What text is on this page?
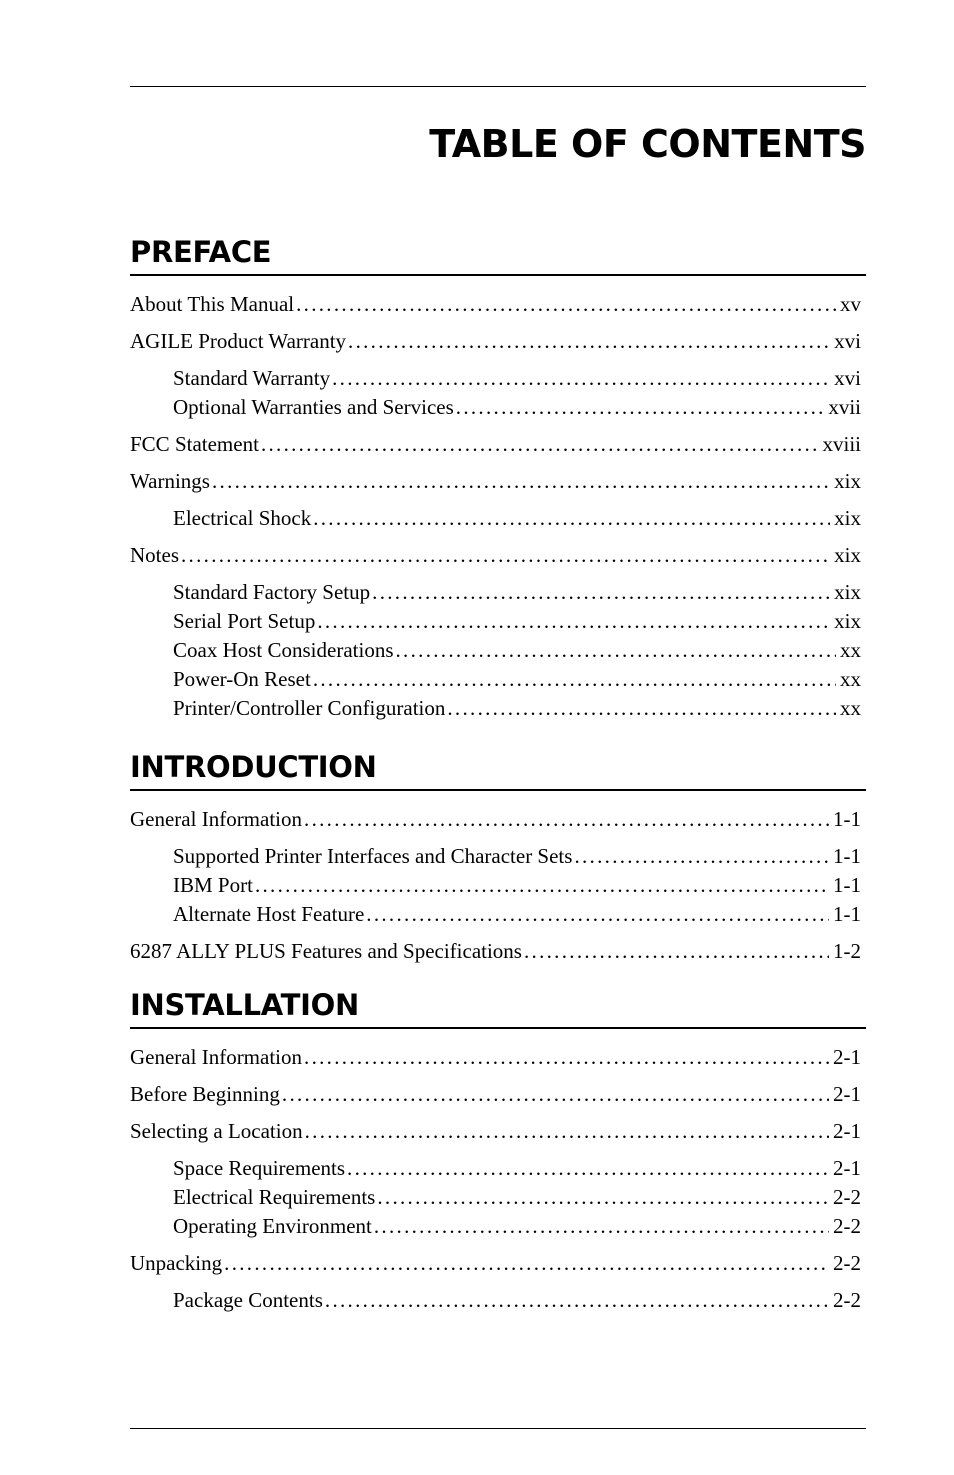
TABLE OF CONTENTS
PREFACE
About This Manual .....	xv
AGILE Product Warranty .....	xvi
Standard Warranty .....	xvi
Optional Warranties and Services .....	xvii
FCC Statement .....	xviii
Warnings .....	xix
Electrical Shock .....	xix
Notes .....	xix
Standard Factory Setup .....	xix
Serial Port Setup .....	xix
Coax Host Considerations .....	xx
Power-On Reset .....	xx
Printer/Controller Configuration .....	xx
INTRODUCTION
General Information .....	1-1
Supported Printer Interfaces and Character Sets .....	1-1
IBM Port .....	1-1
Alternate Host Feature .....	1-1
6287 ALLY PLUS Features and Specifications .....	1-2
INSTALLATION
General Information .....	2-1
Before Beginning .....	2-1
Selecting a Location .....	2-1
Space Requirements .....	2-1
Electrical Requirements .....	2-2
Operating Environment .....	2-2
Unpacking .....	2-2
Package Contents .....	2-2
